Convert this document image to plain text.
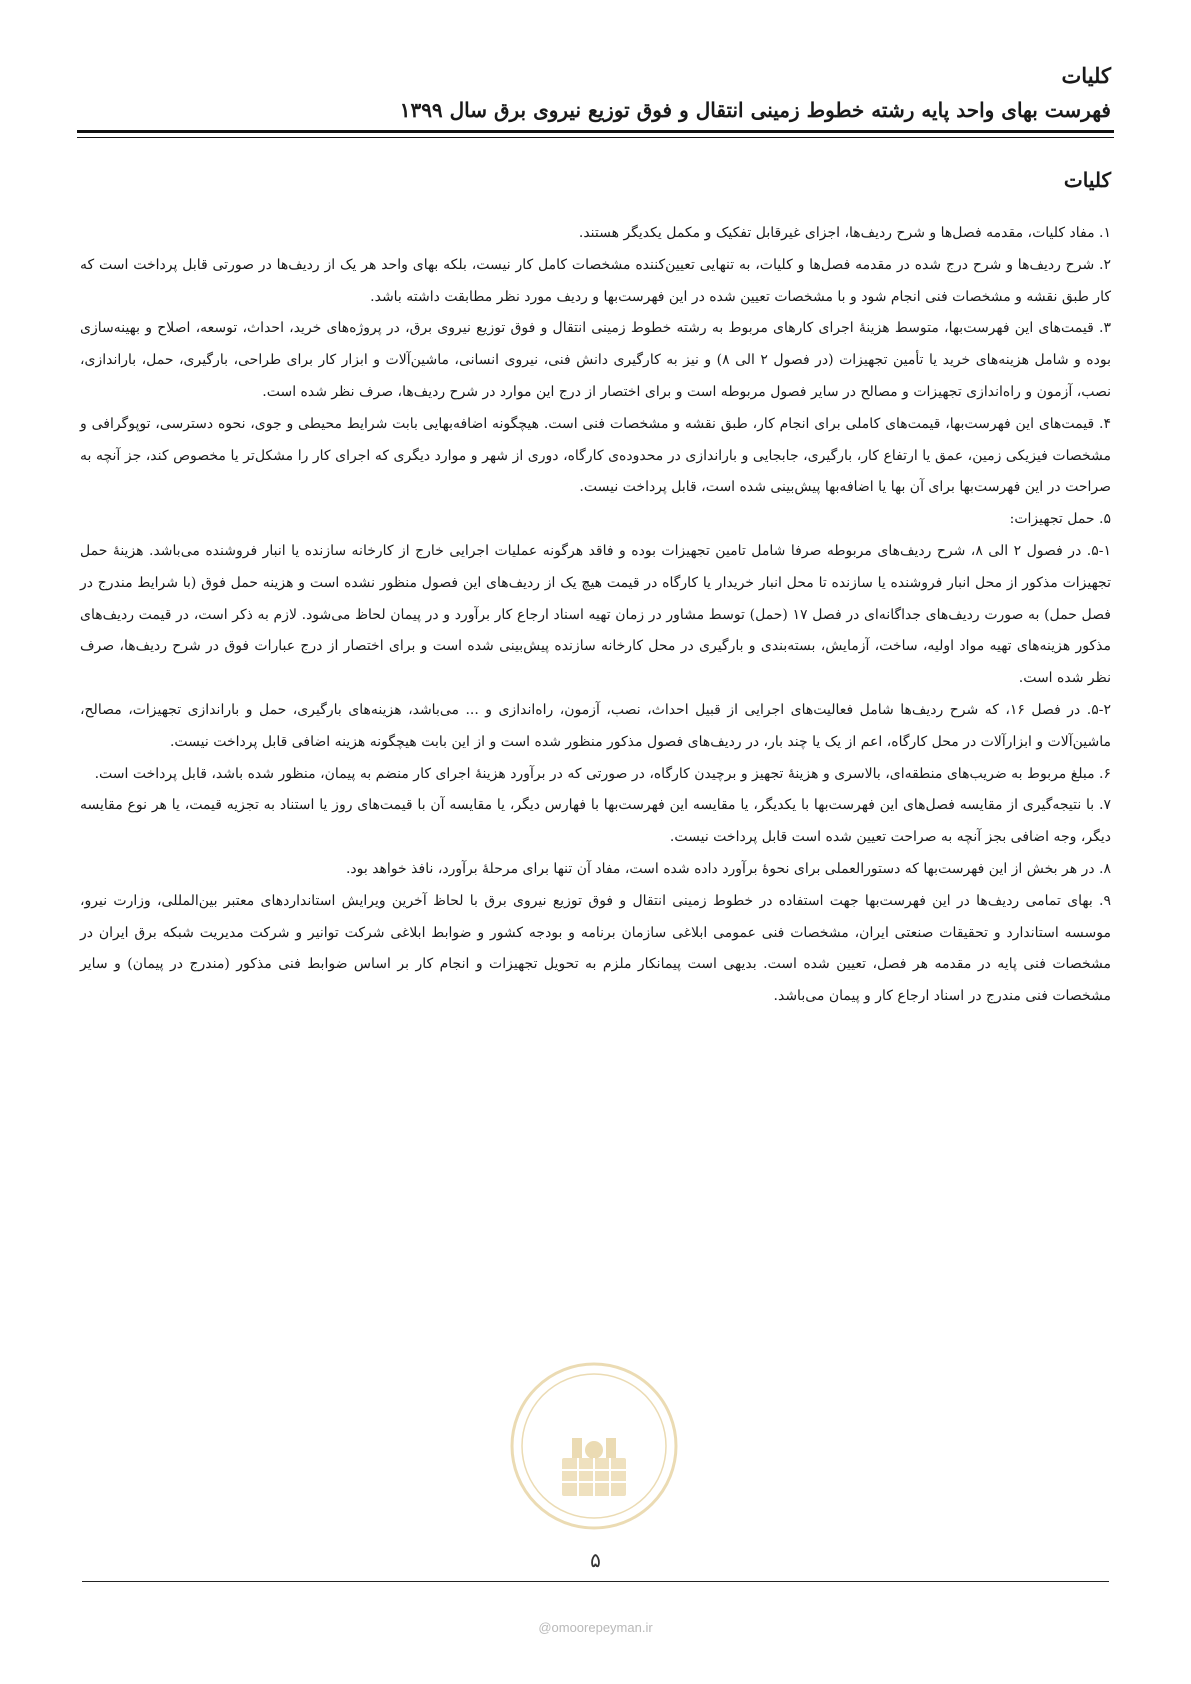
کلیات
فهرست بهای واحد پایه رشته خطوط زمینی انتقال و فوق توزیع نیروی برق سال ۱۳۹۹
کلیات

۱. مفاد کلیات، مقدمه فصل‌ها و شرح ردیف‌ها، اجزای غیرقابل تفکیک و مکمل یکدیگر هستند.

۲. شرح ردیف‌ها و شرح درج شده در مقدمه فصل‌ها و کلیات، به تنهایی تعیین‌کننده مشخصات کامل کار نیست، بلکه بهای واحد هر یک از ردیف‌ها در صورتی قابل پرداخت است که کار طبق نقشه و مشخصات فنی انجام شود و با مشخصات تعیین شده در این فهرست‌بها و ردیف مورد نظر مطابقت داشته باشد.

۳. قیمت‌های این فهرست‌بها، متوسط هزینهٔ اجرای کارهای مربوط به رشته خطوط زمینی انتقال و فوق توزیع نیروی برق، در پروژه‌های خرید، احداث، توسعه، اصلاح و بهینه‌سازی بوده و شامل هزینه‌های خرید یا تأمین تجهیزات (در فصول ۲ الی ۸) و نیز به کارگیری دانش فنی، نیروی انسانی، ماشین‌آلات و ابزار کار برای طراحی، بارگیری، حمل، باراندازی، نصب، آزمون و راه‌اندازی تجهیزات و مصالح در سایر فصول مربوطه است و برای اختصار از درج این موارد در شرح ردیف‌ها، صرف نظر شده است.

۴. قیمت‌های این فهرست‌بها، قیمت‌های کاملی برای انجام کار، طبق نقشه و مشخصات فنی است. هیچگونه اضافه‌بهایی بابت شرایط محیطی و جوی، نحوه دسترسی، توپوگرافی و مشخصات فیزیکی زمین، عمق یا ارتفاع کار، بارگیری، جابجایی و باراندازی در محدوده‌ی کارگاه، دوری از شهر و موارد دیگری که اجرای کار را مشکل‌تر یا مخصوص کند، جز آنچه به صراحت در این فهرست‌بها برای آن بها یا اضافه‌بها پیش‌بینی شده است، قابل پرداخت نیست.

۵. حمل تجهیزات:

۵-۱. در فصول ۲ الی ۸، شرح ردیف‌های مربوطه صرفا شامل تامین تجهیزات بوده و فاقد هرگونه عملیات اجرایی خارج از کارخانه سازنده یا انبار فروشنده می‌باشد. هزینهٔ حمل تجهیزات مذکور از محل انبار فروشنده یا سازنده تا محل انبار خریدار یا کارگاه در قیمت هیچ یک از ردیف‌های این فصول منظور نشده است و هزینه حمل فوق (با شرایط مندرج در فصل حمل) به صورت ردیف‌های جداگانه‌ای در فصل ۱۷ (حمل) توسط مشاور در زمان تهیه اسناد ارجاع کار برآورد و در پیمان لحاظ می‌شود. لازم به ذکر است، در قیمت ردیف‌های مذکور هزینه‌های تهیه مواد اولیه، ساخت، آزمایش، بسته‌بندی و بارگیری در محل کارخانه سازنده پیش‌بینی شده است و برای اختصار از درج عبارات فوق در شرح ردیف‌ها، صرف نظر شده است.

۵-۲. در فصل ۱۶، که شرح ردیف‌ها شامل فعالیت‌های اجرایی از قبیل احداث، نصب، آزمون، راه‌اندازی و ... می‌باشد، هزینه‌های بارگیری، حمل و باراندازی تجهیزات، مصالح، ماشین‌آلات و ابزارآلات در محل کارگاه، اعم از یک یا چند بار، در ردیف‌های فصول مذکور منظور شده است و از این بابت هیچگونه هزینه اضافی قابل پرداخت نیست.

۶. مبلغ مربوط به ضریب‌های منطقه‌ای، بالاسری و هزینهٔ تجهیز و برچیدن کارگاه، در صورتی که در برآورد هزینهٔ اجرای کار منضم به پیمان، منظور شده باشد، قابل پرداخت است.

۷. با نتیجه‌گیری از مقایسه فصل‌های این فهرست‌بها با یکدیگر، یا مقایسه این فهرست‌بها با فهارس دیگر، یا مقایسه آن با قیمت‌های روز یا استناد به تجزیه قیمت، یا هر نوع مقایسه دیگر، وجه اضافی بجز آنچه به صراحت تعیین شده است قابل پرداخت نیست.

۸. در هر بخش از این فهرست‌بها که دستورالعملی برای نحوهٔ برآورد داده شده است، مفاد آن تنها برای مرحلهٔ برآورد، نافذ خواهد بود.

۹. بهای تمامی ردیف‌ها در این فهرست‌بها جهت استفاده در خطوط زمینی انتقال و فوق توزیع نیروی برق با لحاظ آخرین ویرایش استانداردهای معتبر بین‌المللی، وزارت نیرو، موسسه استاندارد و تحقیقات صنعتی ایران، مشخصات فنی عمومی ابلاغی سازمان برنامه و بودجه کشور و ضوابط ابلاغی شرکت توانیر و شرکت مدیریت شبکه برق ایران در مشخصات فنی پایه در مقدمه هر فصل، تعیین شده است. بدیهی است پیمانکار ملزم به تحویل تجهیزات و انجام کار بر اساس ضوابط فنی مذکور (مندرج در پیمان) و سایر مشخصات فنی مندرج در اسناد ارجاع کار و پیمان می‌باشد.

۵
@omoorepeyman.ir
